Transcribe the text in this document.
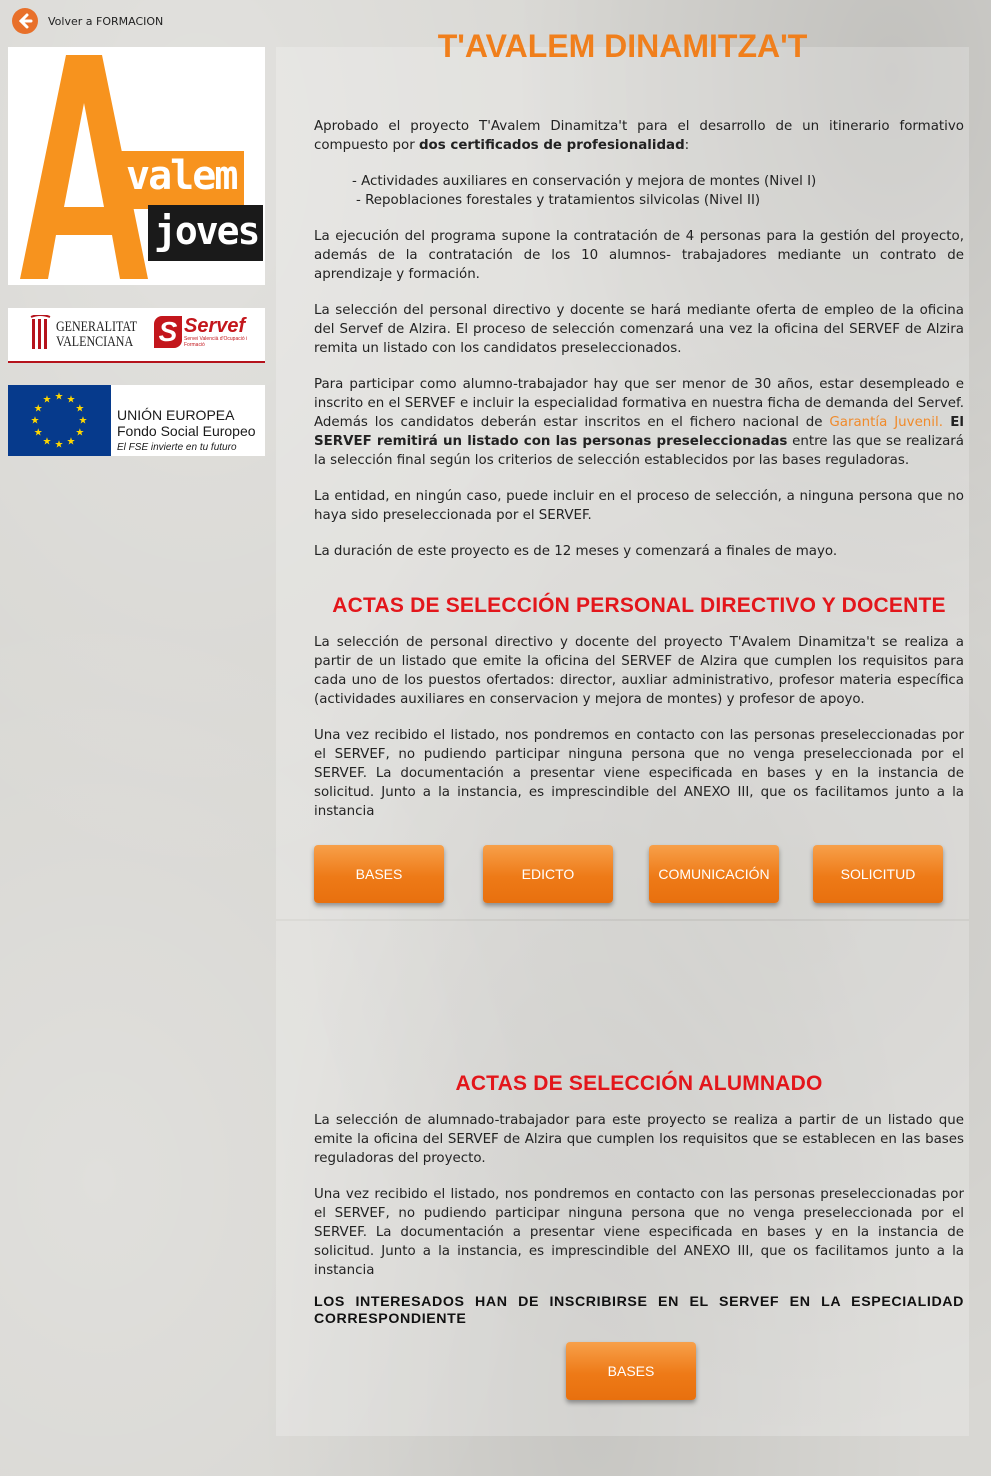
Volver a FORMACION
valem
joves
GENERALITAT
VALENCIANA S Servef
Servei Valencià d'Ocupació i Formació
★ ★
★
★
★
★
★
★
★
★
★
★
UNIÓN EUROPEA
Fondo Social Europeo
El FSE invierte en tu futuro
T'AVALEM DINAMITZA'T

Aprobado el proyecto T'Avalem Dinamitza't para el desarrollo de un itinerario formativo compuesto por dos certificados de profesionalidad:

- Actividades auxiliares en conservación y mejora de montes (Nivel I)
- Repoblaciones forestales y tratamientos silvicolas (Nivel II)

La ejecución del programa supone la contratación de 4 personas para la gestión del proyecto, además de la contratación de los 10 alumnos- trabajadores mediante un contrato de aprendizaje y formación.

La selección del personal directivo y docente se hará mediante oferta de empleo de la oficina del Servef de Alzira. El proceso de selección comenzará una vez la oficina del SERVEF de Alzira remita un listado con los candidatos preseleccionados.

Para participar como alumno-trabajador hay que ser menor de 30 años, estar desempleado e inscrito en el SERVEF e incluir la especialidad formativa en nuestra ficha de demanda del Servef. Además los candidatos deberán estar inscritos en el fichero nacional de Garantía Juvenil. El SERVEF remitirá un listado con las personas preseleccionadas entre las que se realizará la selección final según los criterios de selección establecidos por las bases reguladoras.

La entidad, en ningún caso, puede incluir en el proceso de selección, a ninguna persona que no haya sido preseleccionada por el SERVEF.

La duración de este proyecto es de 12 meses y comenzará a finales de mayo.

ACTAS DE SELECCIÓN PERSONAL DIRECTIVO Y DOCENTE

La selección de personal directivo y docente del proyecto T'Avalem Dinamitza't se realiza a partir de un listado que emite la oficina del SERVEF de Alzira que cumplen los requisitos para cada uno de los puestos ofertados: director, auxliar administrativo, profesor materia específica (actividades auxiliares en conservacion y mejora de montes) y profesor de apoyo.

Una vez recibido el listado, nos pondremos en contacto con las personas preseleccionadas por el SERVEF, no pudiendo participar ninguna persona que no venga preseleccionada por el SERVEF. La documentación a presentar viene especificada en bases y en la instancia de solicitud. Junto a la instancia, es imprescindible del ANEXO III, que os facilitamos junto a la instancia

BASES	EDICTO	COMUNICACIÓN	SOLICITUD
ACTAS DE SELECCIÓN ALUMNADO

La selección de alumnado-trabajador para este proyecto se realiza a partir de un listado que emite la oficina del SERVEF de Alzira que cumplen los requisitos que se establecen en las bases reguladoras del proyecto.

Una vez recibido el listado, nos pondremos en contacto con las personas preseleccionadas por el SERVEF, no pudiendo participar ninguna persona que no venga preseleccionada por el SERVEF. La documentación a presentar viene especificada en bases y en la instancia de solicitud. Junto a la instancia, es imprescindible del ANEXO III, que os facilitamos junto a la instancia

LOS INTERESADOS HAN DE INSCRIBIRSE EN EL SERVEF EN LA ESPECIALIDAD CORRESPONDIENTE
BASES
